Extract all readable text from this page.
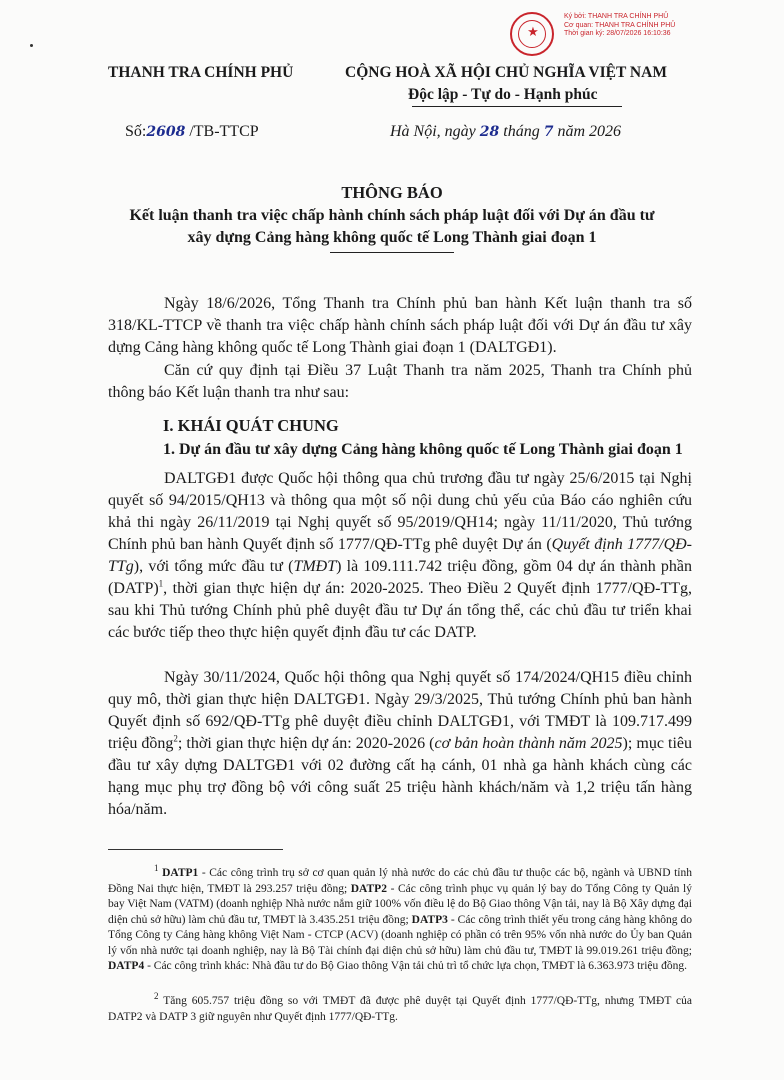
★
Ký bởi: THANH TRA CHÍNH PHỦ
Cơ quan: THANH TRA CHÍNH PHỦ
Thời gian ký: 28/07/2026 16:10:36
THANH TRA CHÍNH PHỦ	CỘNG HOÀ XÃ HỘI CHỦ NGHĨA VIỆT NAM
Độc lập - Tự do - Hạnh phúc
Số:2608 /TB-TTCP	Hà Nội, ngày 28 tháng 7 năm 2026
THÔNG BÁO
Kết luận thanh tra việc chấp hành chính sách pháp luật đối với Dự án đầu tư
xây dựng Cảng hàng không quốc tế Long Thành giai đoạn 1

Ngày 18/6/2026, Tổng Thanh tra Chính phủ ban hành Kết luận thanh tra số 318/KL-TTCP về thanh tra việc chấp hành chính sách pháp luật đối với Dự án đầu tư xây dựng Cảng hàng không quốc tế Long Thành giai đoạn 1 (DALTGĐ1).

Căn cứ quy định tại Điều 37 Luật Thanh tra năm 2025, Thanh tra Chính phủ thông báo Kết luận thanh tra như sau:

I. KHÁI QUÁT CHUNG
1. Dự án đầu tư xây dựng Cảng hàng không quốc tế Long Thành giai đoạn 1

DALTGĐ1 được Quốc hội thông qua chủ trương đầu tư ngày 25/6/2015 tại Nghị quyết số 94/2015/QH13 và thông qua một số nội dung chủ yếu của Báo cáo nghiên cứu khả thi ngày 26/11/2019 tại Nghị quyết số 95/2019/QH14; ngày 11/11/2020, Thủ tướng Chính phủ ban hành Quyết định số 1777/QĐ-TTg phê duyệt Dự án (Quyết định 1777/QĐ-TTg), với tổng mức đầu tư (TMĐT) là 109.111.742 triệu đồng, gồm 04 dự án thành phần (DATP)$^1$, thời gian thực hiện dự án: 2020-2025. Theo Điều 2 Quyết định 1777/QĐ-TTg, sau khi Thủ tướng Chính phủ phê duyệt đầu tư Dự án tổng thể, các chủ đầu tư triển khai các bước tiếp theo thực hiện quyết định đầu tư các DATP.

Ngày 30/11/2024, Quốc hội thông qua Nghị quyết số 174/2024/QH15 điều chỉnh quy mô, thời gian thực hiện DALTGĐ1. Ngày 29/3/2025, Thủ tướng Chính phủ ban hành Quyết định số 692/QĐ-TTg phê duyệt điều chỉnh DALTGĐ1, với TMĐT là 109.717.499 triệu đồng$^2$; thời gian thực hiện dự án: 2020-2026 (cơ bản hoàn thành năm 2025); mục tiêu đầu tư xây dựng DALTGĐ1 với 02 đường cất hạ cánh, 01 nhà ga hành khách cùng các hạng mục phụ trợ đồng bộ với công suất 25 triệu hành khách/năm và 1,2 triệu tấn hàng hóa/năm.

$^1$ DATP1 - Các công trình trụ sở cơ quan quản lý nhà nước do các chủ đầu tư thuộc các bộ, ngành và UBND tỉnh Đồng Nai thực hiện, TMĐT là 293.257 triệu đồng; DATP2 - Các công trình phục vụ quản lý bay do Tổng Công ty Quản lý bay Việt Nam (VATM) (doanh nghiệp Nhà nước nắm giữ 100% vốn điều lệ do Bộ Giao thông Vận tải, nay là Bộ Xây dựng đại diện chủ sở hữu) làm chủ đầu tư, TMĐT là 3.435.251 triệu đồng; DATP3 - Các công trình thiết yếu trong cảng hàng không do Tổng Công ty Cảng hàng không Việt Nam - CTCP (ACV) (doanh nghiệp có phần có trên 95% vốn nhà nước do Ủy ban Quản lý vốn nhà nước tại doanh nghiệp, nay là Bộ Tài chính đại diện chủ sở hữu) làm chủ đầu tư, TMĐT là 99.019.261 triệu đồng; DATP4 - Các công trình khác: Nhà đầu tư do Bộ Giao thông Vận tải chủ trì tổ chức lựa chọn, TMĐT là 6.363.973 triệu đồng.

$^2$ Tăng 605.757 triệu đồng so với TMĐT đã được phê duyệt tại Quyết định 1777/QĐ-TTg, nhưng TMĐT của DATP2 và DATP 3 giữ nguyên như Quyết định 1777/QĐ-TTg.
